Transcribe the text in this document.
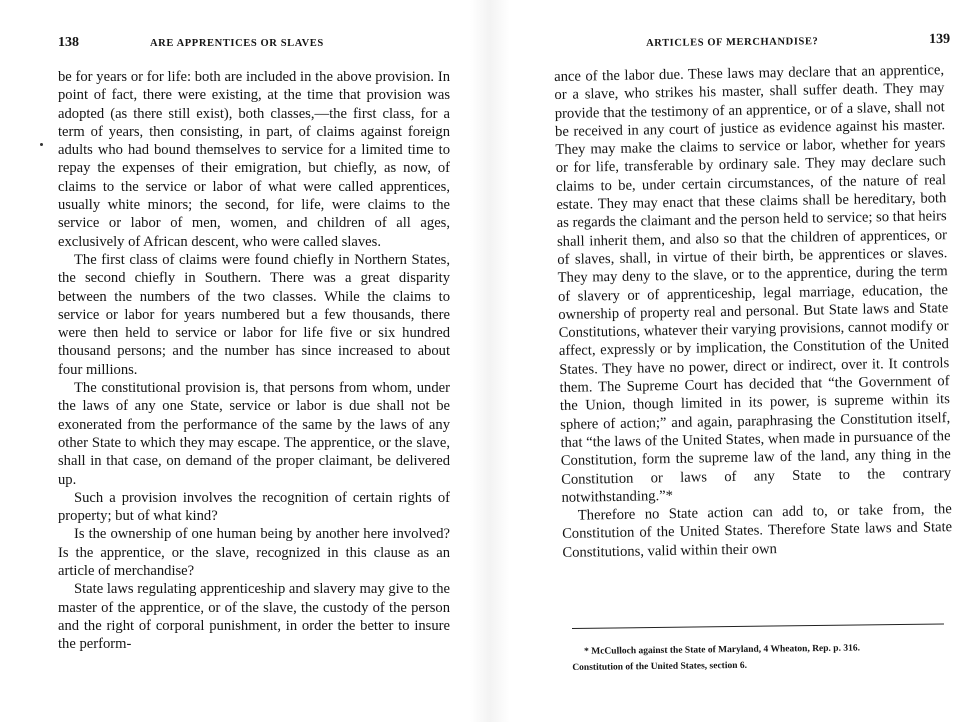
138	ARE APPRENTICES OR SLAVES

be for years or for life: both are included in the above provision. In point of fact, there were existing, at the time that provision was adopted (as there still exist), both classes,—the first class, for a term of years, then consisting, in part, of claims against foreign adults who had bound themselves to service for a limited time to repay the expenses of their emigration, but chiefly, as now, of claims to the service or labor of what were called apprentices, usually white minors; the second, for life, were claims to the service or labor of men, women, and children of all ages, exclusively of African descent, who were called slaves.

The first class of claims were found chiefly in Northern States, the second chiefly in Southern. There was a great disparity between the numbers of the two classes. While the claims to service or labor for years numbered but a few thousands, there were then held to service or labor for life five or six hundred thousand persons; and the number has since increased to about four millions.

The constitutional provision is, that persons from whom, under the laws of any one State, service or labor is due shall not be exonerated from the performance of the same by the laws of any other State to which they may escape. The apprentice, or the slave, shall in that case, on demand of the proper claimant, be delivered up.

Such a provision involves the recognition of certain rights of property; but of what kind?

Is the ownership of one human being by another here involved? Is the apprentice, or the slave, recognized in this clause as an article of merchandise?

State laws regulating apprenticeship and slavery may give to the master of the apprentice, or of the slave, the custody of the person and the right of corporal punishment, in order the better to insure the perform-

ARTICLES OF MERCHANDISE?	139

ance of the labor due. These laws may declare that an apprentice, or a slave, who strikes his master, shall suffer death. They may provide that the testimony of an apprentice, or of a slave, shall not be received in any court of justice as evidence against his master. They may make the claims to service or labor, whether for years or for life, transferable by ordinary sale. They may declare such claims to be, under certain circumstances, of the nature of real estate. They may enact that these claims shall be hereditary, both as regards the claimant and the person held to service; so that heirs shall inherit them, and also so that the children of apprentices, or of slaves, shall, in virtue of their birth, be apprentices or slaves. They may deny to the slave, or to the apprentice, during the term of slavery or of apprenticeship, legal marriage, education, the ownership of property real and personal. But State laws and State Constitutions, whatever their varying provisions, cannot modify or affect, expressly or by implication, the Constitution of the United States. They have no power, direct or indirect, over it. It controls them. The Supreme Court has decided that “the Government of the Union, though limited in its power, is supreme within its sphere of action;” and again, paraphrasing the Constitution itself, that “the laws of the United States, when made in pursuance of the Constitution, form the supreme law of the land, any thing in the Constitution or laws of any State to the contrary notwithstanding.”*

Therefore no State action can add to, or take from, the Constitution of the United States. Therefore State laws and State Constitutions, valid within their own

* McCulloch against the State of Maryland, 4 Wheaton, Rep. p. 316.
Constitution of the United States, section 6.
